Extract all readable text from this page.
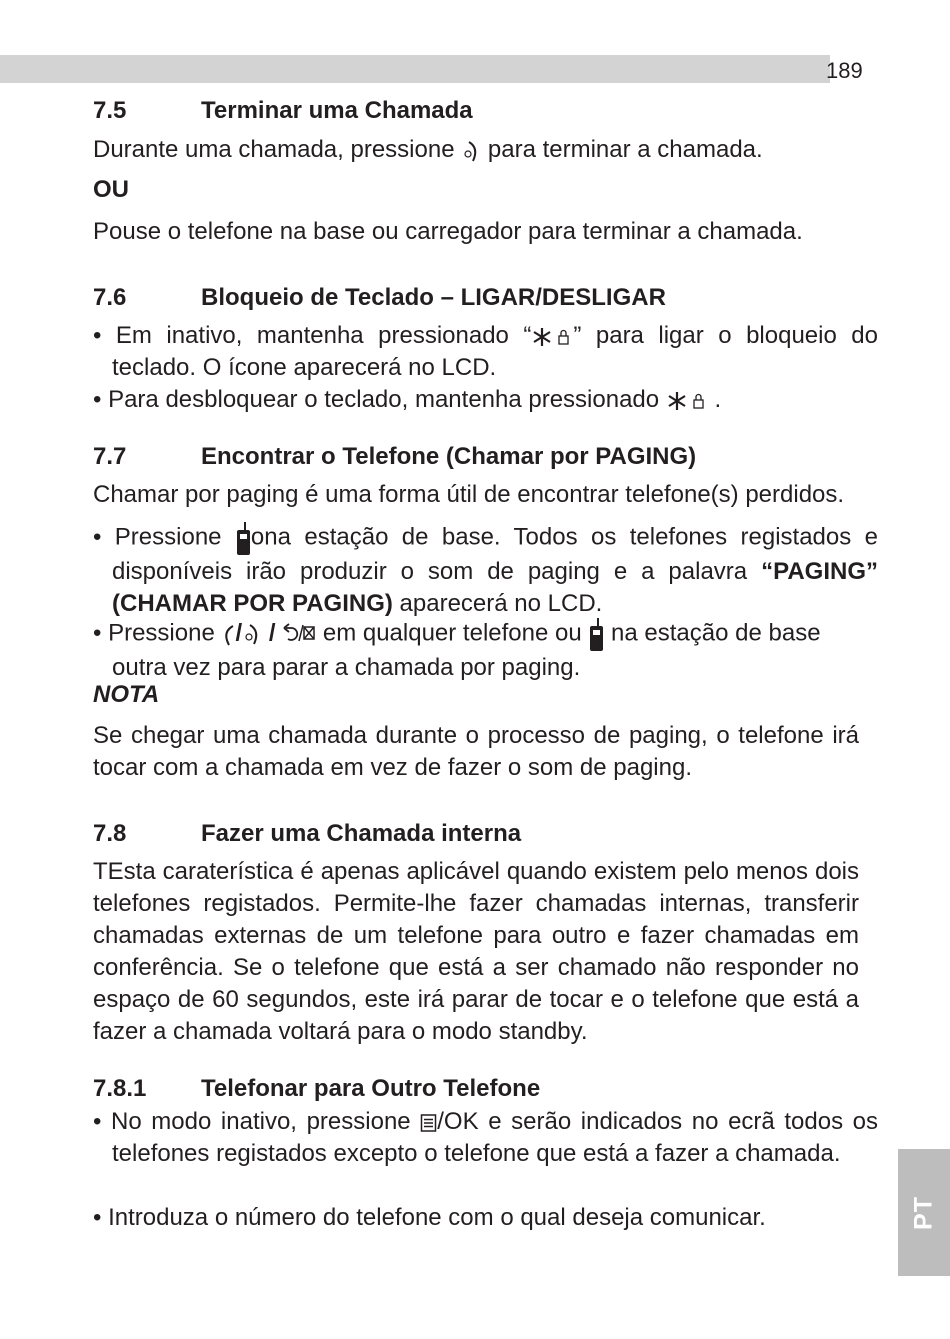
189
PT
7.5	Terminar uma Chamada
Durante uma chamada, pressione para terminar a chamada.
OU
Pouse o telefone na base ou carregador para terminar a chamada.
7.6	Bloqueio de Teclado – LIGAR/DESLIGAR
• Em inativo, mantenha pressionado “ ” para ligar o bloqueio do teclado. O ícone aparecerá no LCD.
• Para desbloquear o teclado, mantenha pressionado .
7.7	Encontrar o Telefone (Chamar por PAGING)
Chamar por paging é uma forma útil de encontrar telefone(s) perdidos.
• Pressione ona estação de base. Todos os telefones registados e disponíveis irão produzir o som de paging e a palavra “PAGING” (CHAMAR POR PAGING) aparecerá no LCD.
• Pressione / / em qualquer telefone ou na estação de base outra vez para parar a chamada por paging.
NOTA
Se chegar uma chamada durante o processo de paging, o telefone irá tocar com a chamada em vez de fazer o som de paging.
7.8	Fazer uma Chamada interna
TEsta caraterística é apenas aplicável quando existem pelo menos dois telefones registados. Permite-lhe fazer chamadas internas, transferir chamadas externas de um telefone para outro e fazer chamadas em conferência. Se o telefone que está a ser chamado não responder no espaço de 60 segundos, este irá parar de tocar e o telefone que está a fazer a chamada voltará para o modo standby.
7.8.1 Telefonar para Outro Telefone
• No modo inativo, pressione /OK e serão indicados no ecrã todos os telefones registados excepto o telefone que está a fazer a chamada.
• Introduza o número do telefone com o qual deseja comunicar.
